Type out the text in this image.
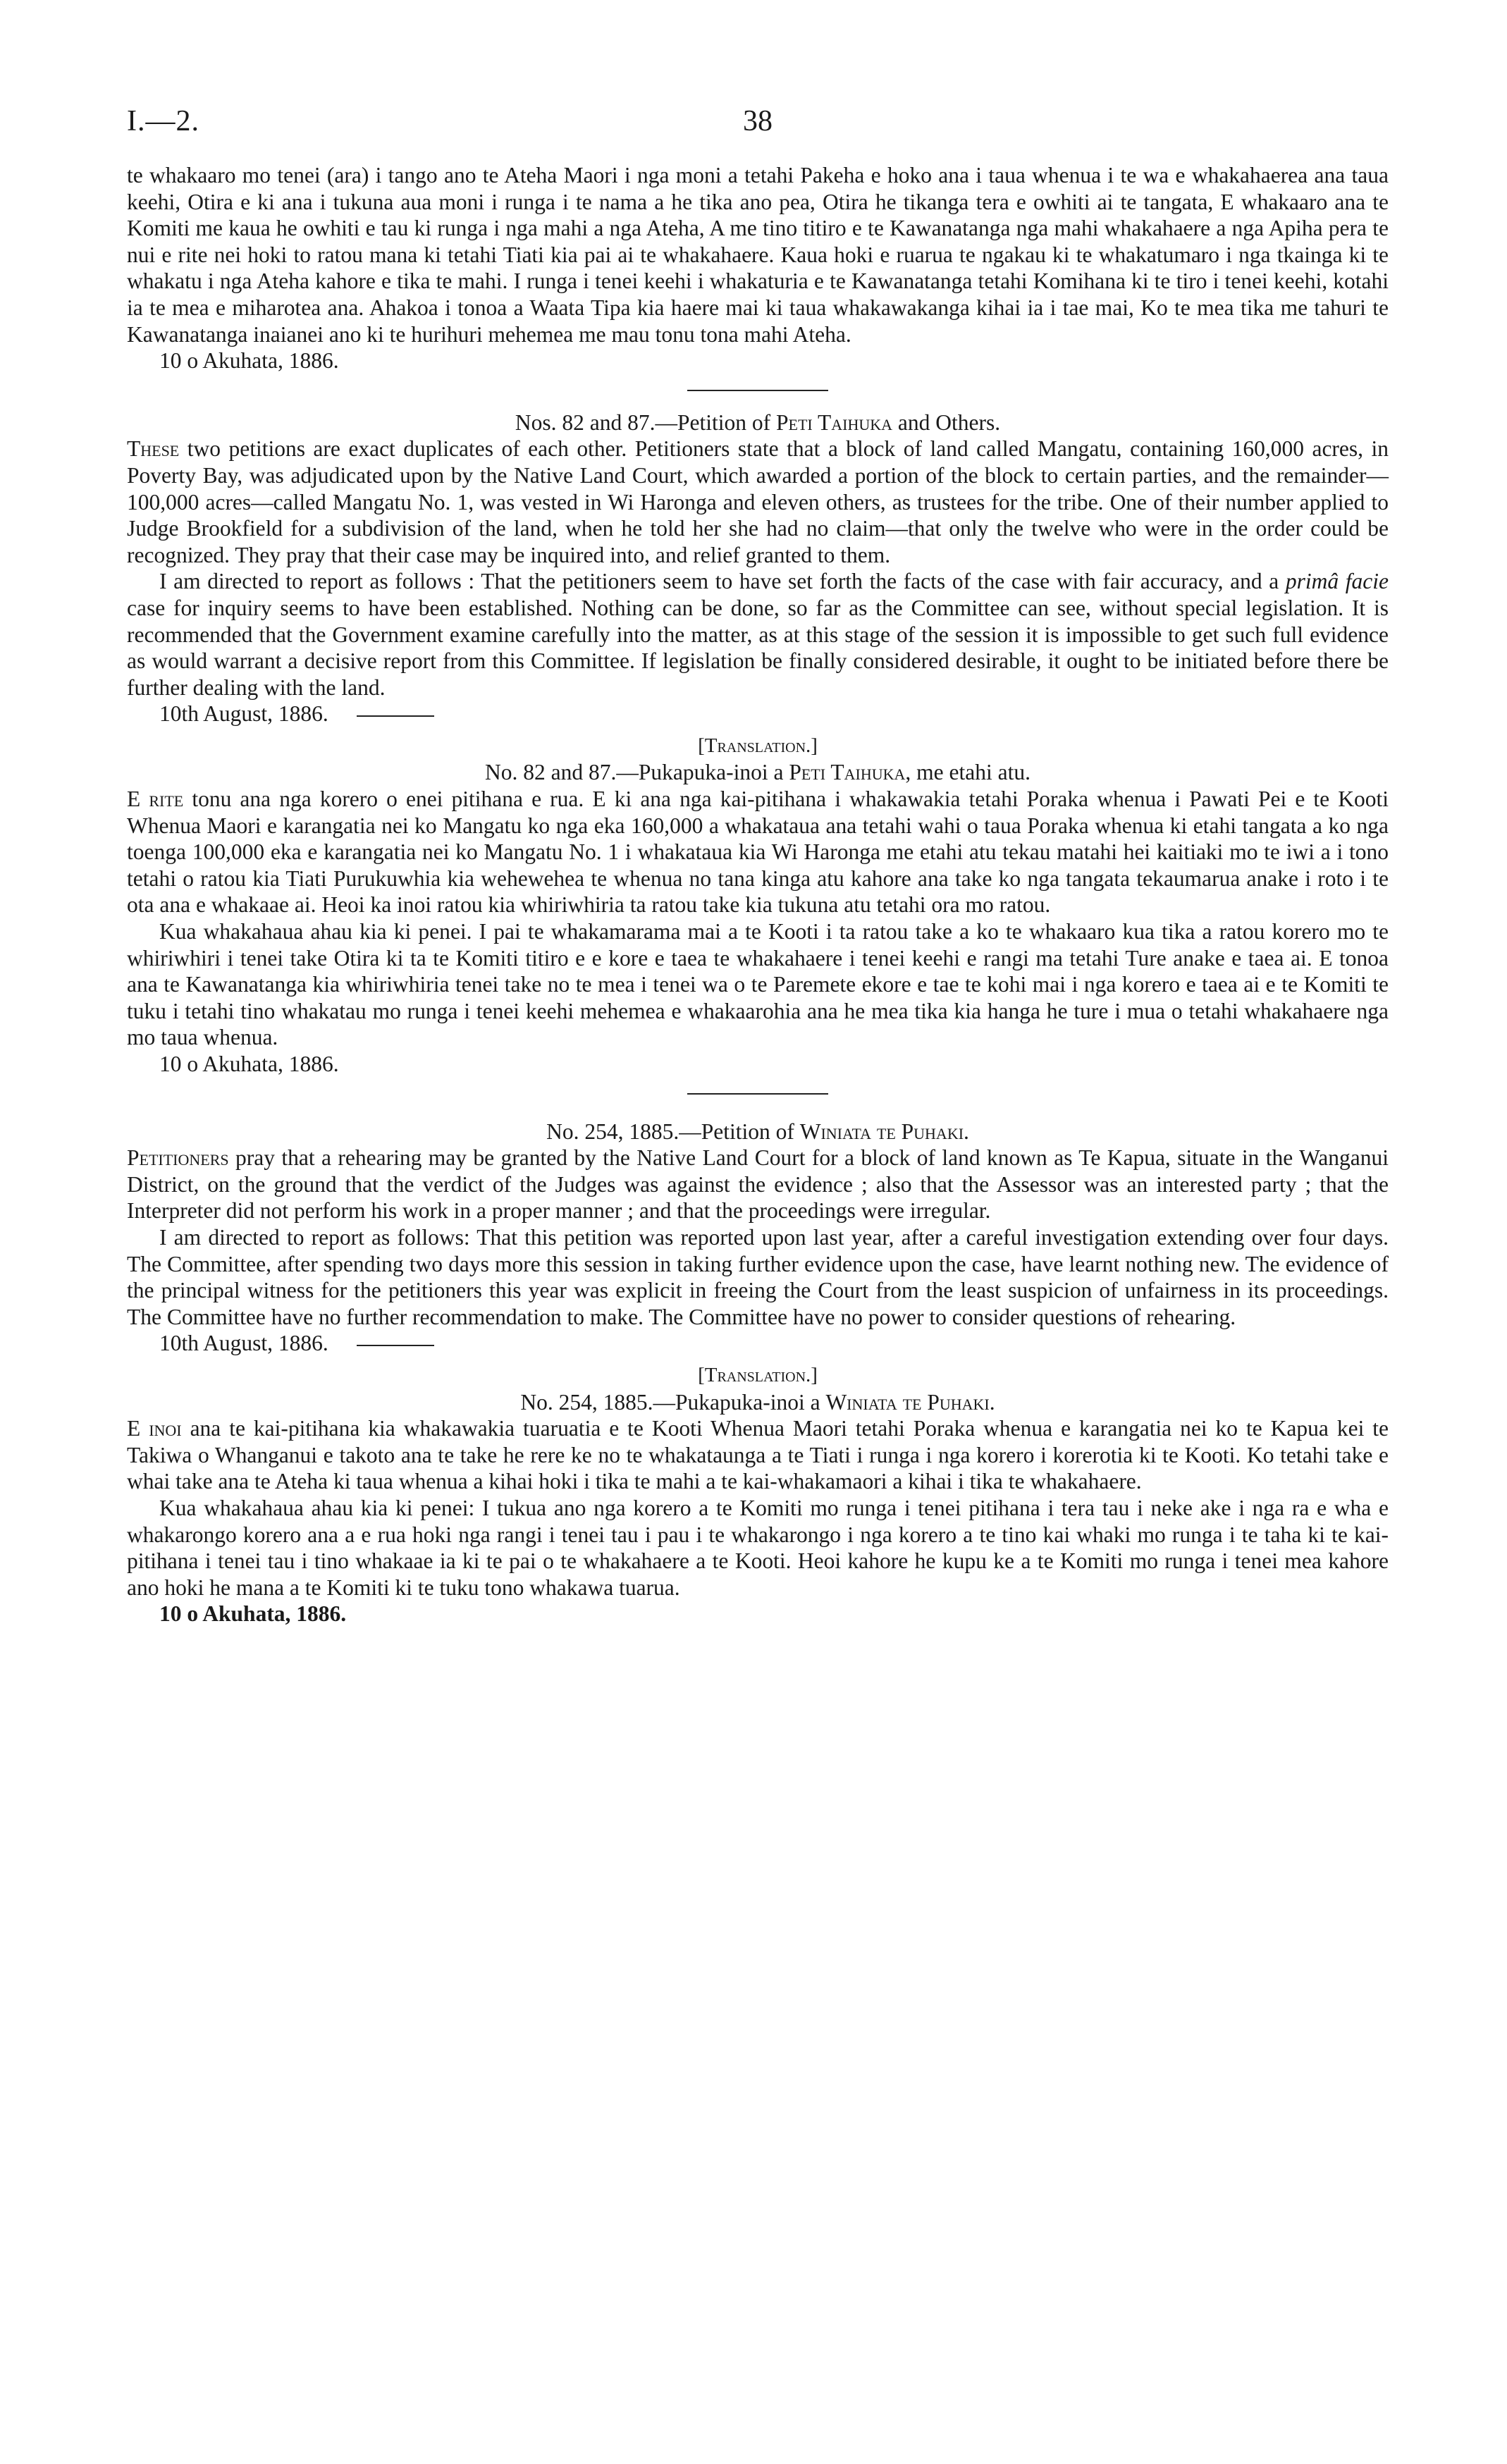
I.—2.	38

te whakaaro mo tenei (ara) i tango ano te Ateha Maori i nga moni a tetahi Pakeha e hoko ana i taua whenua i te wa e whakahaerea ana taua keehi, Otira e ki ana i tukuna aua moni i runga i te nama a he tika ano pea, Otira he tikanga tera e owhiti ai te tangata, E whakaaro ana te Komiti me kaua he owhiti e tau ki runga i nga mahi a nga Ateha, A me tino titiro e te Kawanatanga nga mahi whakahaere a nga Apiha pera te nui e rite nei hoki to ratou mana ki tetahi Tiati kia pai ai te whakahaere. Kaua hoki e ruarua te ngakau ki te whakatumaro i nga tkainga ki te whakatu i nga Ateha kahore e tika te mahi. I runga i tenei keehi i whakaturia e te Kawanatanga tetahi Komihana ki te tiro i tenei keehi, kotahi ia te mea e miharotea ana. Ahakoa i tonoa a Waata Tipa kia haere mai ki taua whakawakanga kihai ia i tae mai, Ko te mea tika me tahuri te Kawanatanga inaianei ano ki te hurihuri mehemea me mau tonu tona mahi Ateha.

10 o Akuhata, 1886.

Nos. 82 and 87.—Petition of Peti Taihuka and Others.

These two petitions are exact duplicates of each other. Petitioners state that a block of land called Mangatu, containing 160,000 acres, in Poverty Bay, was adjudicated upon by the Native Land Court, which awarded a portion of the block to certain parties, and the remainder—100,000 acres—called Mangatu No. 1, was vested in Wi Haronga and eleven others, as trustees for the tribe. One of their number applied to Judge Brookfield for a subdivision of the land, when he told her she had no claim—that only the twelve who were in the order could be recognized. They pray that their case may be inquired into, and relief granted to them.

I am directed to report as follows : That the petitioners seem to have set forth the facts of the case with fair accuracy, and a primâ facie case for inquiry seems to have been established. Nothing can be done, so far as the Committee can see, without special legislation. It is recommended that the Government examine carefully into the matter, as at this stage of the session it is impossible to get such full evidence as would warrant a decisive report from this Committee. If legislation be finally considered desirable, it ought to be initiated before there be further dealing with the land.

10th August, 1886.

[Translation.]

No. 82 and 87.—Pukapuka-inoi a Peti Taihuka, me etahi atu.

E rite tonu ana nga korero o enei pitihana e rua. E ki ana nga kai-pitihana i whakawakia tetahi Poraka whenua i Pawati Pei e te Kooti Whenua Maori e karangatia nei ko Mangatu ko nga eka 160,000 a whakataua ana tetahi wahi o taua Poraka whenua ki etahi tangata a ko nga toenga 100,000 eka e karangatia nei ko Mangatu No. 1 i whakataua kia Wi Haronga me etahi atu tekau matahi hei kaitiaki mo te iwi a i tono tetahi o ratou kia Tiati Purukuwhia kia wehewehea te whenua no tana kinga atu kahore ana take ko nga tangata tekaumarua anake i roto i te ota ana e whakaae ai. Heoi ka inoi ratou kia whiriwhiria ta ratou take kia tukuna atu tetahi ora mo ratou.

Kua whakahaua ahau kia ki penei. I pai te whakamarama mai a te Kooti i ta ratou take a ko te whakaaro kua tika a ratou korero mo te whiriwhiri i tenei take Otira ki ta te Komiti titiro e e kore e taea te whakahaere i tenei keehi e rangi ma tetahi Ture anake e taea ai. E tonoa ana te Kawanatanga kia whiriwhiria tenei take no te mea i tenei wa o te Paremete ekore e tae te kohi mai i nga korero e taea ai e te Komiti te tuku i tetahi tino whakatau mo runga i tenei keehi mehemea e whakaarohia ana he mea tika kia hanga he ture i mua o tetahi whakahaere nga mo taua whenua.

10 o Akuhata, 1886.

No. 254, 1885.—Petition of Winiata te Puhaki.

Petitioners pray that a rehearing may be granted by the Native Land Court for a block of land known as Te Kapua, situate in the Wanganui District, on the ground that the verdict of the Judges was against the evidence ; also that the Assessor was an interested party ; that the Interpreter did not perform his work in a proper manner ; and that the proceedings were irregular.

I am directed to report as follows: That this petition was reported upon last year, after a careful investigation extending over four days. The Committee, after spending two days more this session in taking further evidence upon the case, have learnt nothing new. The evidence of the principal witness for the petitioners this year was explicit in freeing the Court from the least suspicion of unfairness in its proceedings. The Committee have no further recommendation to make. The Committee have no power to consider questions of rehearing.

10th August, 1886.

[Translation.]

No. 254, 1885.—Pukapuka-inoi a Winiata te Puhaki.

E inoi ana te kai-pitihana kia whakawakia tuaruatia e te Kooti Whenua Maori tetahi Poraka whenua e karangatia nei ko te Kapua kei te Takiwa o Whanganui e takoto ana te take he rere ke no te whakataunga a te Tiati i runga i nga korero i korerotia ki te Kooti. Ko tetahi take e whai take ana te Ateha ki taua whenua a kihai hoki i tika te mahi a te kai-whakamaori a kihai i tika te whakahaere.

Kua whakahaua ahau kia ki penei: I tukua ano nga korero a te Komiti mo runga i tenei pitihana i tera tau i neke ake i nga ra e wha e whakarongo korero ana a e rua hoki nga rangi i tenei tau i pau i te whakarongo i nga korero a te tino kai whaki mo runga i te taha ki te kai-pitihana i tenei tau i tino whakaae ia ki te pai o te whakahaere a te Kooti. Heoi kahore he kupu ke a te Komiti mo runga i tenei mea kahore ano hoki he mana a te Komiti ki te tuku tono whakawa tuarua.

10 o Akuhata, 1886.
